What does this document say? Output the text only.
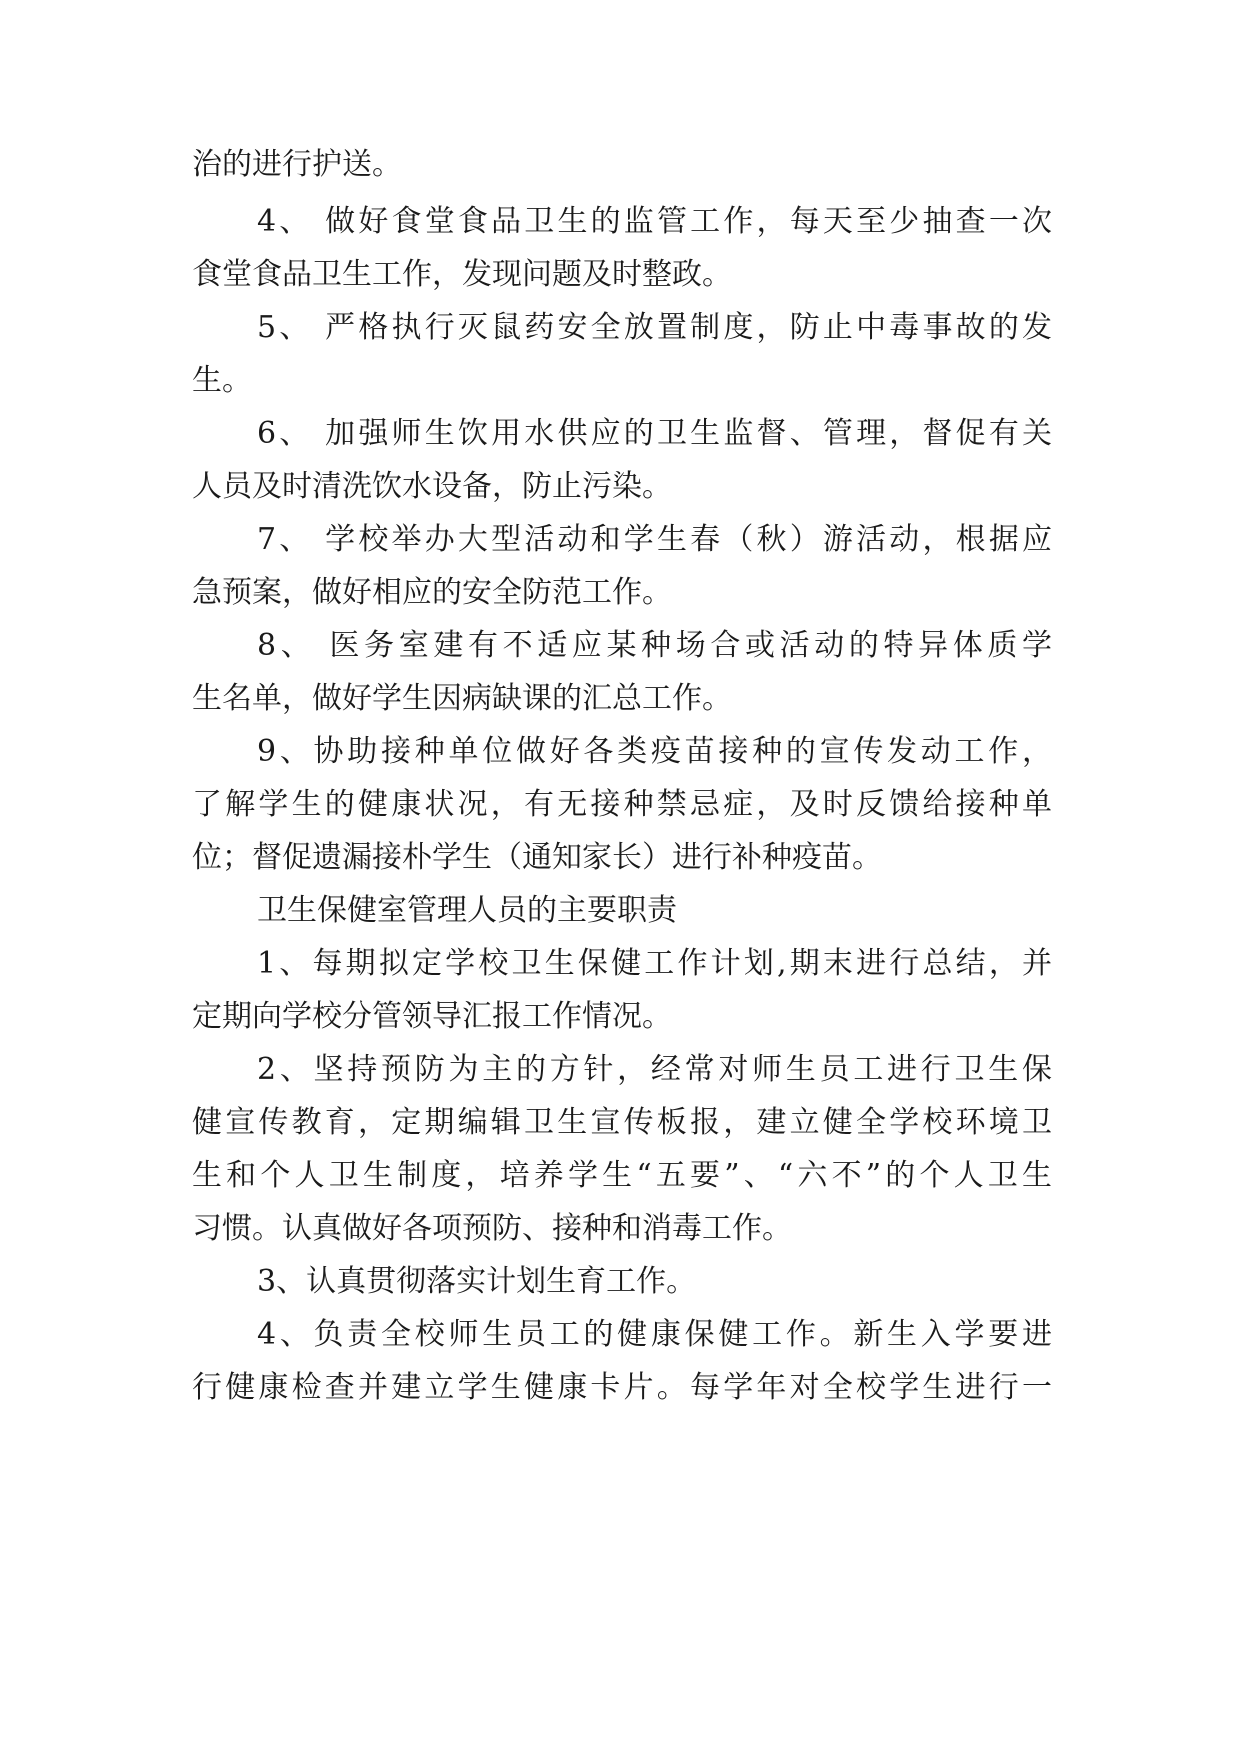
治的进行护送。
4、 做好食堂食品卫生的监管工作，每天至少抽查一次
食堂食品卫生工作，发现问题及时整政。
5、 严格执行灭鼠药安全放置制度，防止中毒事故的发
生。
6、 加强师生饮用水供应的卫生监督、管理，督促有关
人员及时清洗饮水设备，防止污染。
7、 学校举办大型活动和学生春（秋）游活动，根据应
急预案，做好相应的安全防范工作。
8、 医务室建有不适应某种场合或活动的特异体质学
生名单，做好学生因病缺课的汇总工作。
9、协助接种单位做好各类疫苗接种的宣传发动工作，
了解学生的健康状况，有无接种禁忌症，及时反馈给接种单
位；督促遗漏接朴学生（通知家长）进行补种疫苗。
卫生保健室管理人员的主要职责
1、每期拟定学校卫生保健工作计划,期末进行总结，并
定期向学校分管领导汇报工作情况。
2、坚持预防为主的方针，经常对师生员工进行卫生保
健宣传教育，定期编辑卫生宣传板报，建立健全学校环境卫
生和个人卫生制度，培养学生“五要”、“六不”的个人卫生
习惯。认真做好各项预防、接种和消毒工作。
3、认真贯彻落实计划生育工作。
4、负责全校师生员工的健康保健工作。新生入学要进
行健康检查并建立学生健康卡片。每学年对全校学生进行一
